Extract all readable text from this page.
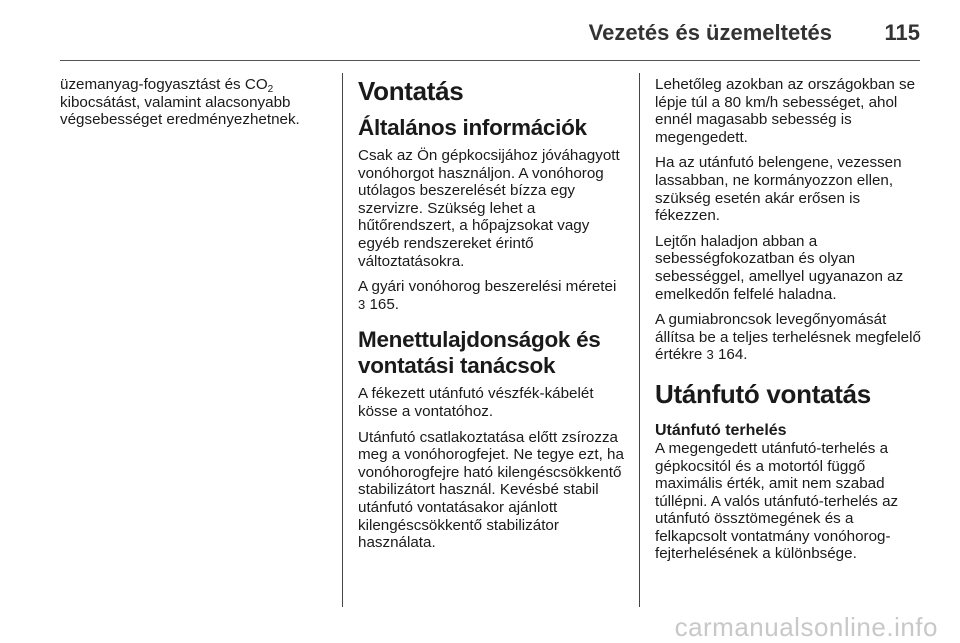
Vezetés és üzemeltetés 115

üzemanyag-fogyasztást és $CO_2$ kibocsátást, valamint alacsonyabb végsebességet eredményezhetnek.

Vontatás
Általános információk

Csak az Ön gépkocsijához jóváhagyott vonóhorgot használjon. A vonóhorog utólagos beszerelését bízza egy szervizre. Szükség lehet a hűtőrendszert, a hőpajzsokat vagy egyéb rendszereket érintő változtatásokra.

A gyári vonóhorog beszerelési méretei 3 165.

Menettulajdonságok és vontatási tanácsok

A fékezett utánfutó vészfék-kábelét kösse a vontatóhoz.

Utánfutó csatlakoztatása előtt zsírozza meg a vonóhorogfejet. Ne tegye ezt, ha vonóhorogfejre ható kilengéscsökkentő stabilizátort használ. Kevésbé stabil utánfutó vontatásakor ajánlott kilengéscsökkentő stabilizátor használata.

Lehetőleg azokban az országokban se lépje túl a 80 km/h sebességet, ahol ennél magasabb sebesség is megengedett.

Ha az utánfutó belengene, vezessen lassabban, ne kormányozzon ellen, szükség esetén akár erősen is fékezzen.

Lejtőn haladjon abban a sebességfokozatban és olyan sebességgel, amellyel ugyanazon az emelkedőn felfelé haladna.

A gumiabroncsok levegőnyomását állítsa be a teljes terhelésnek megfelelő értékre 3 164.

Utánfutó vontatás
Utánfutó terhelés

A megengedett utánfutó-terhelés a gépkocsitól és a motortól függő maximális érték, amit nem szabad túllépni. A valós utánfutó-terhelés az utánfutó össztömegének és a felkapcsolt vontatmány vonóhorog-fejterhelésének a különbsége.

carmanualsonline.info
